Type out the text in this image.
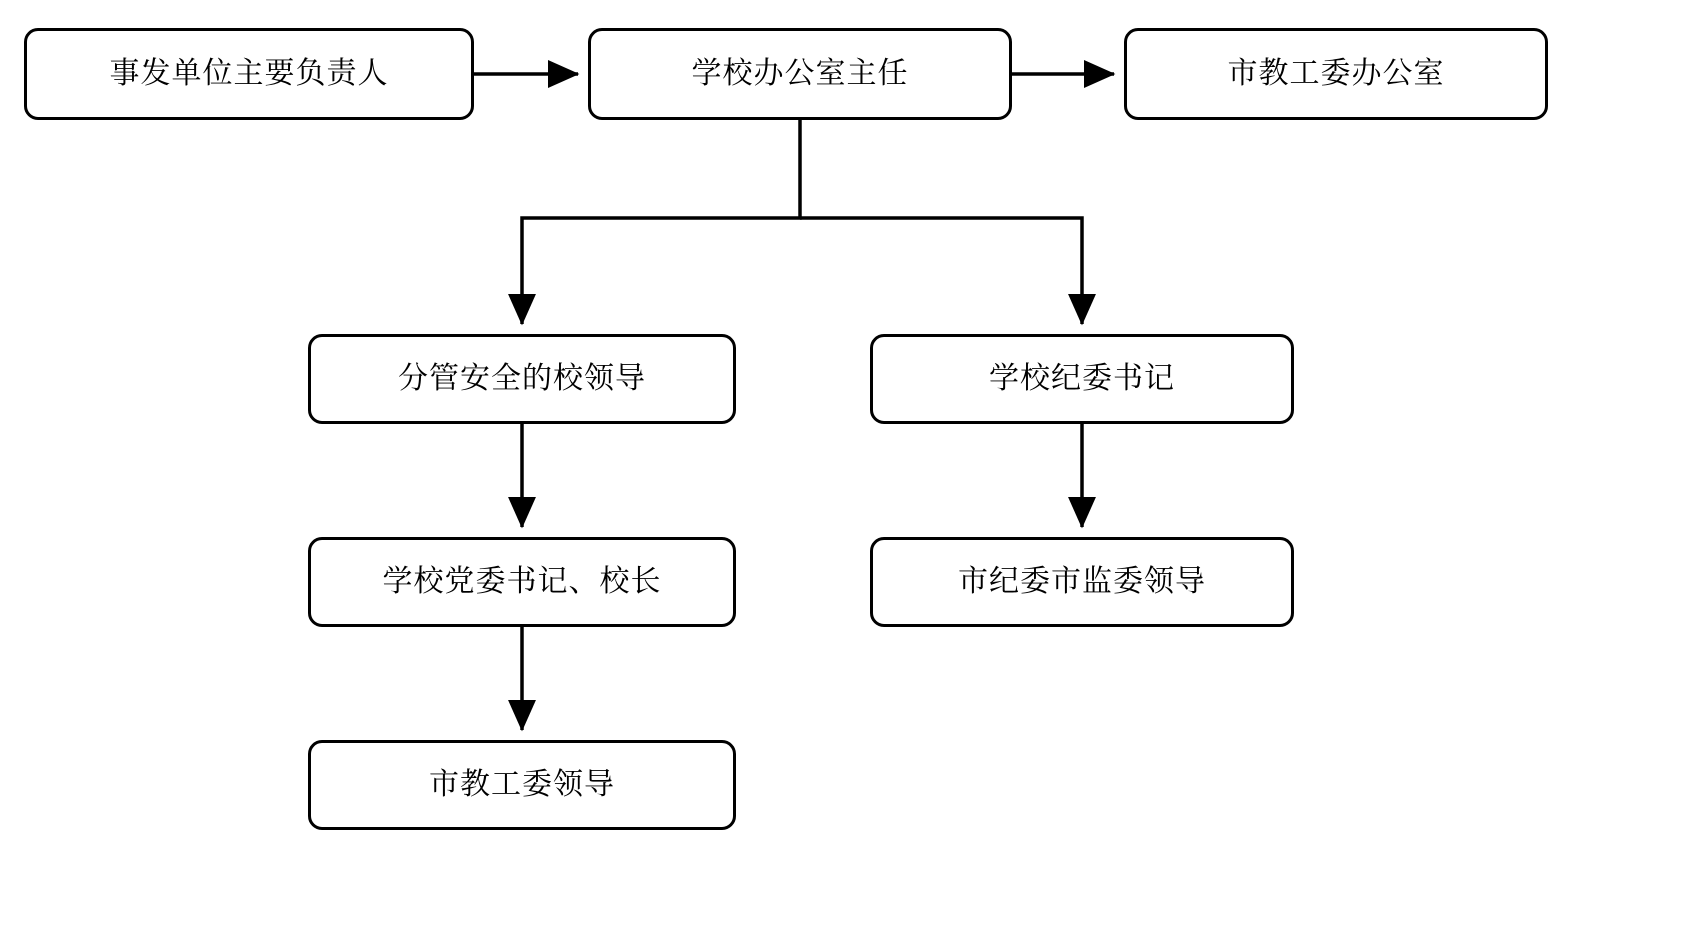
事发单位主要负责人	学校办公室主任	市教工委办公室
分管安全的校领导	学校纪委书记
学校党委书记、校长	市纪委市监委领导
市教工委领导
